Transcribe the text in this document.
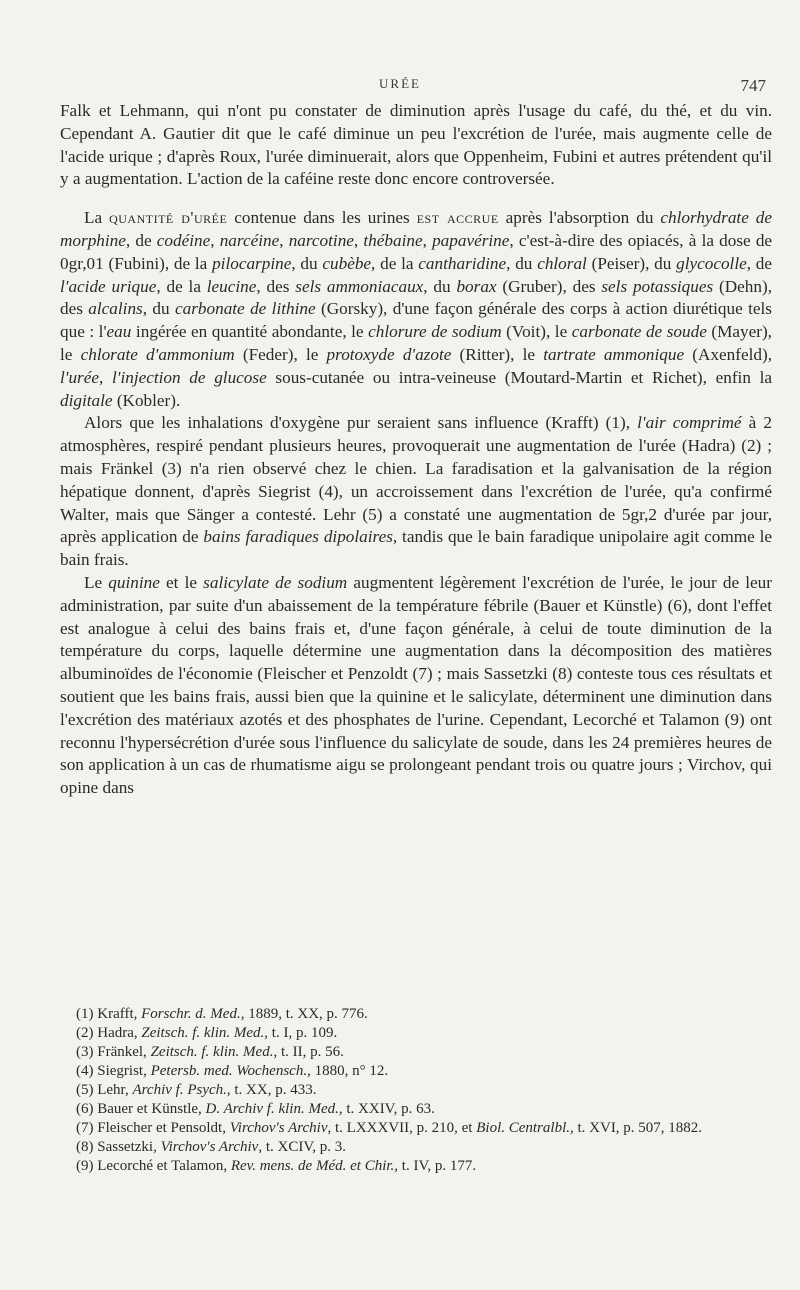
URÉE	747

Falk et Lehmann, qui n'ont pu constater de diminution après l'usage du café, du thé, et du vin. Cependant A. Gautier dit que le café diminue un peu l'excrétion de l'urée, mais augmente celle de l'acide urique ; d'après Roux, l'urée diminuerait, alors que Oppenheim, Fubini et autres prétendent qu'il y a augmentation. L'action de la caféine reste donc encore controversée.

La quantité d'urée contenue dans les urines est accrue après l'absorption du chlorhydrate de morphine, de codéine, narcéine, narcotine, thébaine, papavérine, c'est-à-dire des opiacés, à la dose de 0gr,01 (Fubini), de la pilocarpine, du cubèbe, de la cantharidine, du chloral (Peiser), du glycocolle, de l'acide urique, de la leucine, des sels ammoniacaux, du borax (Gruber), des sels potassiques (Dehn), des alcalins, du carbonate de lithine (Gorsky), d'une façon générale des corps à action diurétique tels que : l'eau ingérée en quantité abondante, le chlorure de sodium (Voit), le carbonate de soude (Mayer), le chlorate d'ammonium (Feder), le protoxyde d'azote (Ritter), le tartrate ammonique (Axenfeld), l'urée, l'injection de glucose sous-cutanée ou intra-veineuse (Moutard-Martin et Richet), enfin la digitale (Kobler).

Alors que les inhalations d'oxygène pur seraient sans influence (Krafft) (1), l'air comprimé à 2 atmosphères, respiré pendant plusieurs heures, provoquerait une augmentation de l'urée (Hadra) (2) ; mais Fränkel (3) n'a rien observé chez le chien. La faradisation et la galvanisation de la région hépatique donnent, d'après Siegrist (4), un accroissement dans l'excrétion de l'urée, qu'a confirmé Walter, mais que Sänger a contesté. Lehr (5) a constaté une augmentation de 5gr,2 d'urée par jour, après application de bains faradiques dipolaires, tandis que le bain faradique unipolaire agit comme le bain frais.

Le quinine et le salicylate de sodium augmentent légèrement l'excrétion de l'urée, le jour de leur administration, par suite d'un abaissement de la température fébrile (Bauer et Künstle) (6), dont l'effet est analogue à celui des bains frais et, d'une façon générale, à celui de toute diminution de la température du corps, laquelle détermine une augmentation dans la décomposition des matières albuminoïdes de l'économie (Fleischer et Penzoldt (7) ; mais Sassetzki (8) conteste tous ces résultats et soutient que les bains frais, aussi bien que la quinine et le salicylate, déterminent une diminution dans l'excrétion des matériaux azotés et des phosphates de l'urine. Cependant, Lecorché et Talamon (9) ont reconnu l'hypersécrétion d'urée sous l'influence du salicylate de soude, dans les 24 premières heures de son application à un cas de rhumatisme aigu se prolongeant pendant trois ou quatre jours ; Virchov, qui opine dans

(1) Krafft, Forschr. d. Med., 1889, t. XX, p. 776.

(2) Hadra, Zeitsch. f. klin. Med., t. I, p. 109.

(3) Fränkel, Zeitsch. f. klin. Med., t. II, p. 56.

(4) Siegrist, Petersb. med. Wochensch., 1880, n° 12.

(5) Lehr, Archiv f. Psych., t. XX, p. 433.

(6) Bauer et Künstle, D. Archiv f. klin. Med., t. XXIV, p. 63.

(7) Fleischer et Pensoldt, Virchov's Archiv, t. LXXXVII, p. 210, et Biol. Centralbl., t. XVI, p. 507, 1882.

(8) Sassetzki, Virchov's Archiv, t. XCIV, p. 3.

(9) Lecorché et Talamon, Rev. mens. de Méd. et Chir., t. IV, p. 177.
